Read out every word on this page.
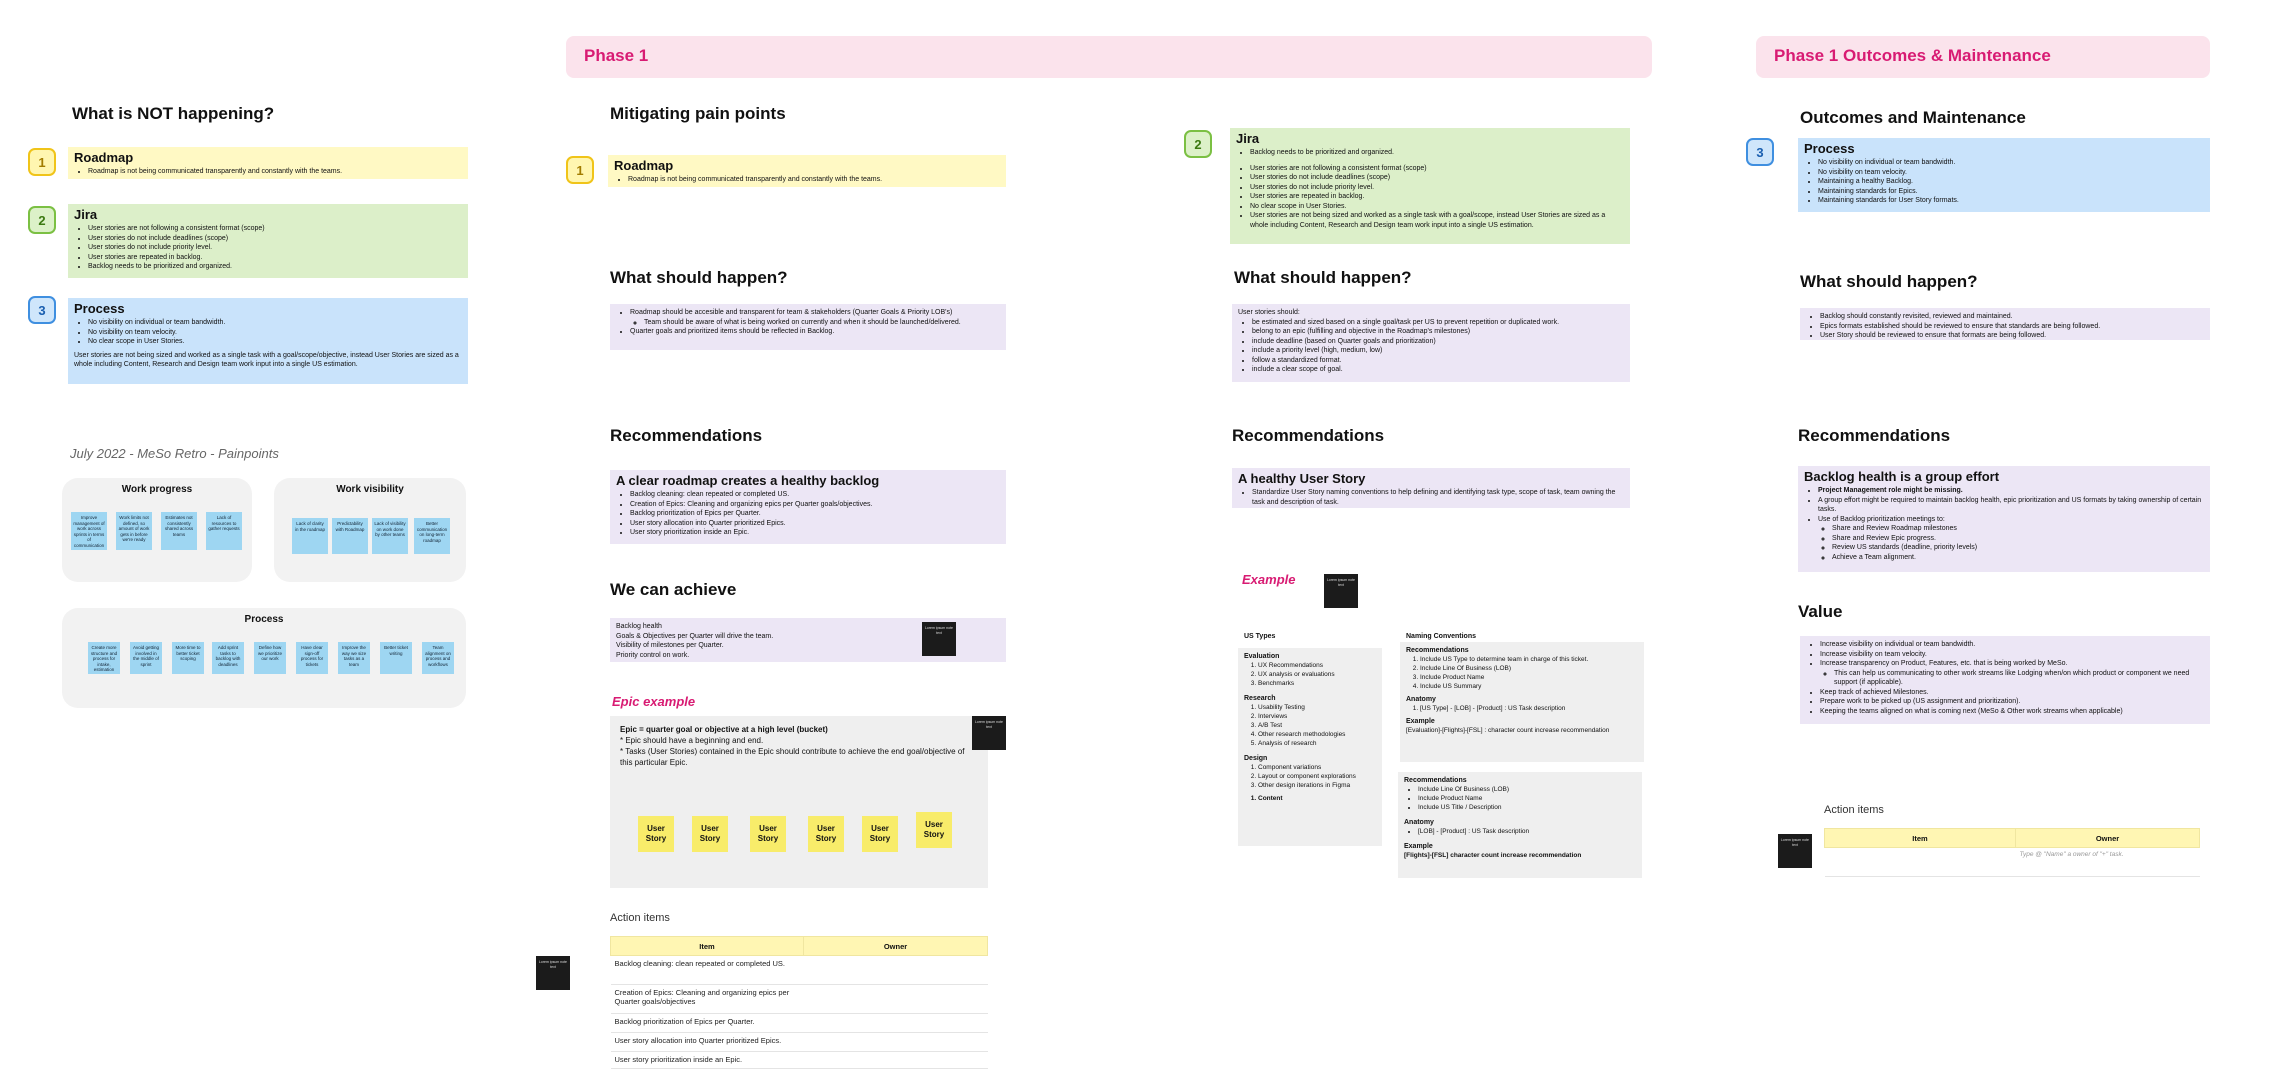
Phase 1	Phase 1 Outcomes & Maintenance
What is NOT happening?
1	Roadmap
• Roadmap is not being communicated transparently and constantly with the teams.
2	Jira
• User stories are not following a consistent format (scope)
• User stories do not include deadlines (scope)
• User stories do not include priority level.
• User stories are repeated in backlog.
• Backlog needs to be prioritized and organized.
3	Process
• No visibility on individual or team bandwidth.
• No visibility on team velocity.
• No clear scope in User Stories.
User stories are not being sized and worked as a single task with a goal/scope/objective, instead User Stories are sized as a whole including Content, Research and Design team work input into a single US estimation.
July 2022 - MeSo Retro - Painpoints
Work progress
Improve management of work across sprints in terms of communication
Work limits not defined, so amount of work gets in before we're ready
Estimates not consistently shared across teams
Lack of resources to gather requests
Work visibility
Lack of clarity in the roadmap
Predictability with Roadmap
Lack of visibility on work done by other teams
Better communication on long-term roadmap
Process
Create more structure and process for intake, estimation
Avoid getting involved in the middle of sprint
More time to better ticket scoping
Add sprint tasks to backlog with deadlines
Define how we prioritize our work
Have clear sign-off process for tickets
Improve the way we size tasks as a team
Better ticket writing
Team alignment on process and workflows
Mitigating pain points
1	Roadmap
• Roadmap is not being communicated transparently and constantly with the teams.
What should happen?
• Roadmap should be accesible and transparent for team & stakeholders (Quarter Goals & Priority LOB's)
◦ Team should be aware of what is being worked on currently and when it should be launched/delivered.
• Quarter goals and prioritized items should be reflected in Backlog.
Recommendations
A clear roadmap creates a healthy backlog
• Backlog cleaning: clean repeated or completed US.
• Creation of Epics: Cleaning and organizing epics per Quarter goals/objectives.
• Backlog prioritization of Epics per Quarter.
• User story allocation into Quarter prioritized Epics.
• User story prioritization inside an Epic.
We can achieve
Backlog health
Goals & Objectives per Quarter will drive the team.
Visibility of milestones per Quarter.
Priority control on work.
Lorem ipsum note text
Epic example
Epic = quarter goal or objective at a high level (bucket)
* Epic should have a beginning and end.
* Tasks (User Stories) contained in the Epic should contribute to achieve the end goal/objective of this particular Epic.
User Story
User Story
User Story
User Story
User Story
User Story
Lorem ipsum note text
Action items
Item	Owner
Backlog cleaning: clean repeated or completed US.	
Creation of Epics: Cleaning and organizing epics per Quarter goals/objectives	
Backlog prioritization of Epics per Quarter.	
User story allocation into Quarter prioritized Epics.	
User story prioritization inside an Epic.	
Lorem ipsum note text
2	Jira
• Backlog needs to be prioritized and organized.
• User stories are not following a consistent format (scope)
• User stories do not include deadlines (scope)
• User stories do not include priority level.
• User stories are repeated in backlog.
• No clear scope in User Stories.
• User stories are not being sized and worked as a single task with a goal/scope, instead User Stories are sized as a whole including Content, Research and Design team work input into a single US estimation.
What should happen?
User stories should:
• be estimated and sized based on a single goal/task per US to prevent repetition or duplicated work.
• belong to an epic (fulfilling and objective in the Roadmap's milestones)
• include deadline (based on Quarter goals and prioritization)
• include a priority level (high, medium, low)
• follow a standardized format.
• include a clear scope of goal.
Recommendations
A healthy User Story
• Standardize User Story naming conventions to help defining and identifying task type, scope of task, team owning the task and description of task.
Example	Lorem ipsum note text
US Types
Evaluation
1. UX Recommendations
2. UX analysis or evaluations
3. Benchmarks
Research
1. Usability Testing
2. Interviews
3. A/B Test
4. Other research methodologies
5. Analysis of research
Design
1. Component variations
2. Layout or component explorations
3. Other design iterations in Figma
1. Content
Naming Conventions
Recommendations
1. Include US Type to determine team in charge of this ticket.
2. Include Line Of Business (LOB)
3. Include Product Name
4. Include US Summary
Anatomy
1. [US Type] - [LOB] - [Product] : US Task description
Example
[Evaluation]-[Flights]-[FSL] : character count increase recommendation
Recommendations
• Include Line Of Business (LOB)
• Include Product Name
• Include US Title / Description
Anatomy
• [LOB] - [Product] : US Task description
Example
[Flights]-[FSL] character count increase recommendation
Outcomes and Maintenance
3	Process
• No visibility on individual or team bandwidth.
• No visibility on team velocity.
• Maintaining a healthy Backlog.
• Maintaining standards for Epics.
• Maintaining standards for User Story formats.
What should happen?
• Backlog should constantly revisited, reviewed and maintained.
• Epics formats established should be reviewed to ensure that standards are being followed.
• User Story should be reviewed to ensure that formats are being followed.
Recommendations
Backlog health is a group effort
• Project Management role might be missing.
• A group effort might be required to maintain backlog health, epic prioritization and US formats by taking ownership of certain tasks.
• Use of Backlog prioritization meetings to:
◦ Share and Review Roadmap milestones
◦ Share and Review Epic progress.
◦ Review US standards (deadline, priority levels)
◦ Achieve a Team alignment.
Value
• Increase visibility on individual or team bandwidth.
• Increase visibility on team velocity.
• Increase transparency on Product, Features, etc. that is being worked by MeSo.
◦ This can help us communicating to other work streams like Lodging when/on which product or component we need support (if applicable).
• Keep track of achieved Milestones.
• Prepare work to be picked up (US assignment and prioritization).
• Keeping the teams aligned on what is coming next (MeSo & Other work streams when applicable)
Action items
Item	Owner
	Type @ "Name" a owner of "+" task.
Lorem ipsum note text
